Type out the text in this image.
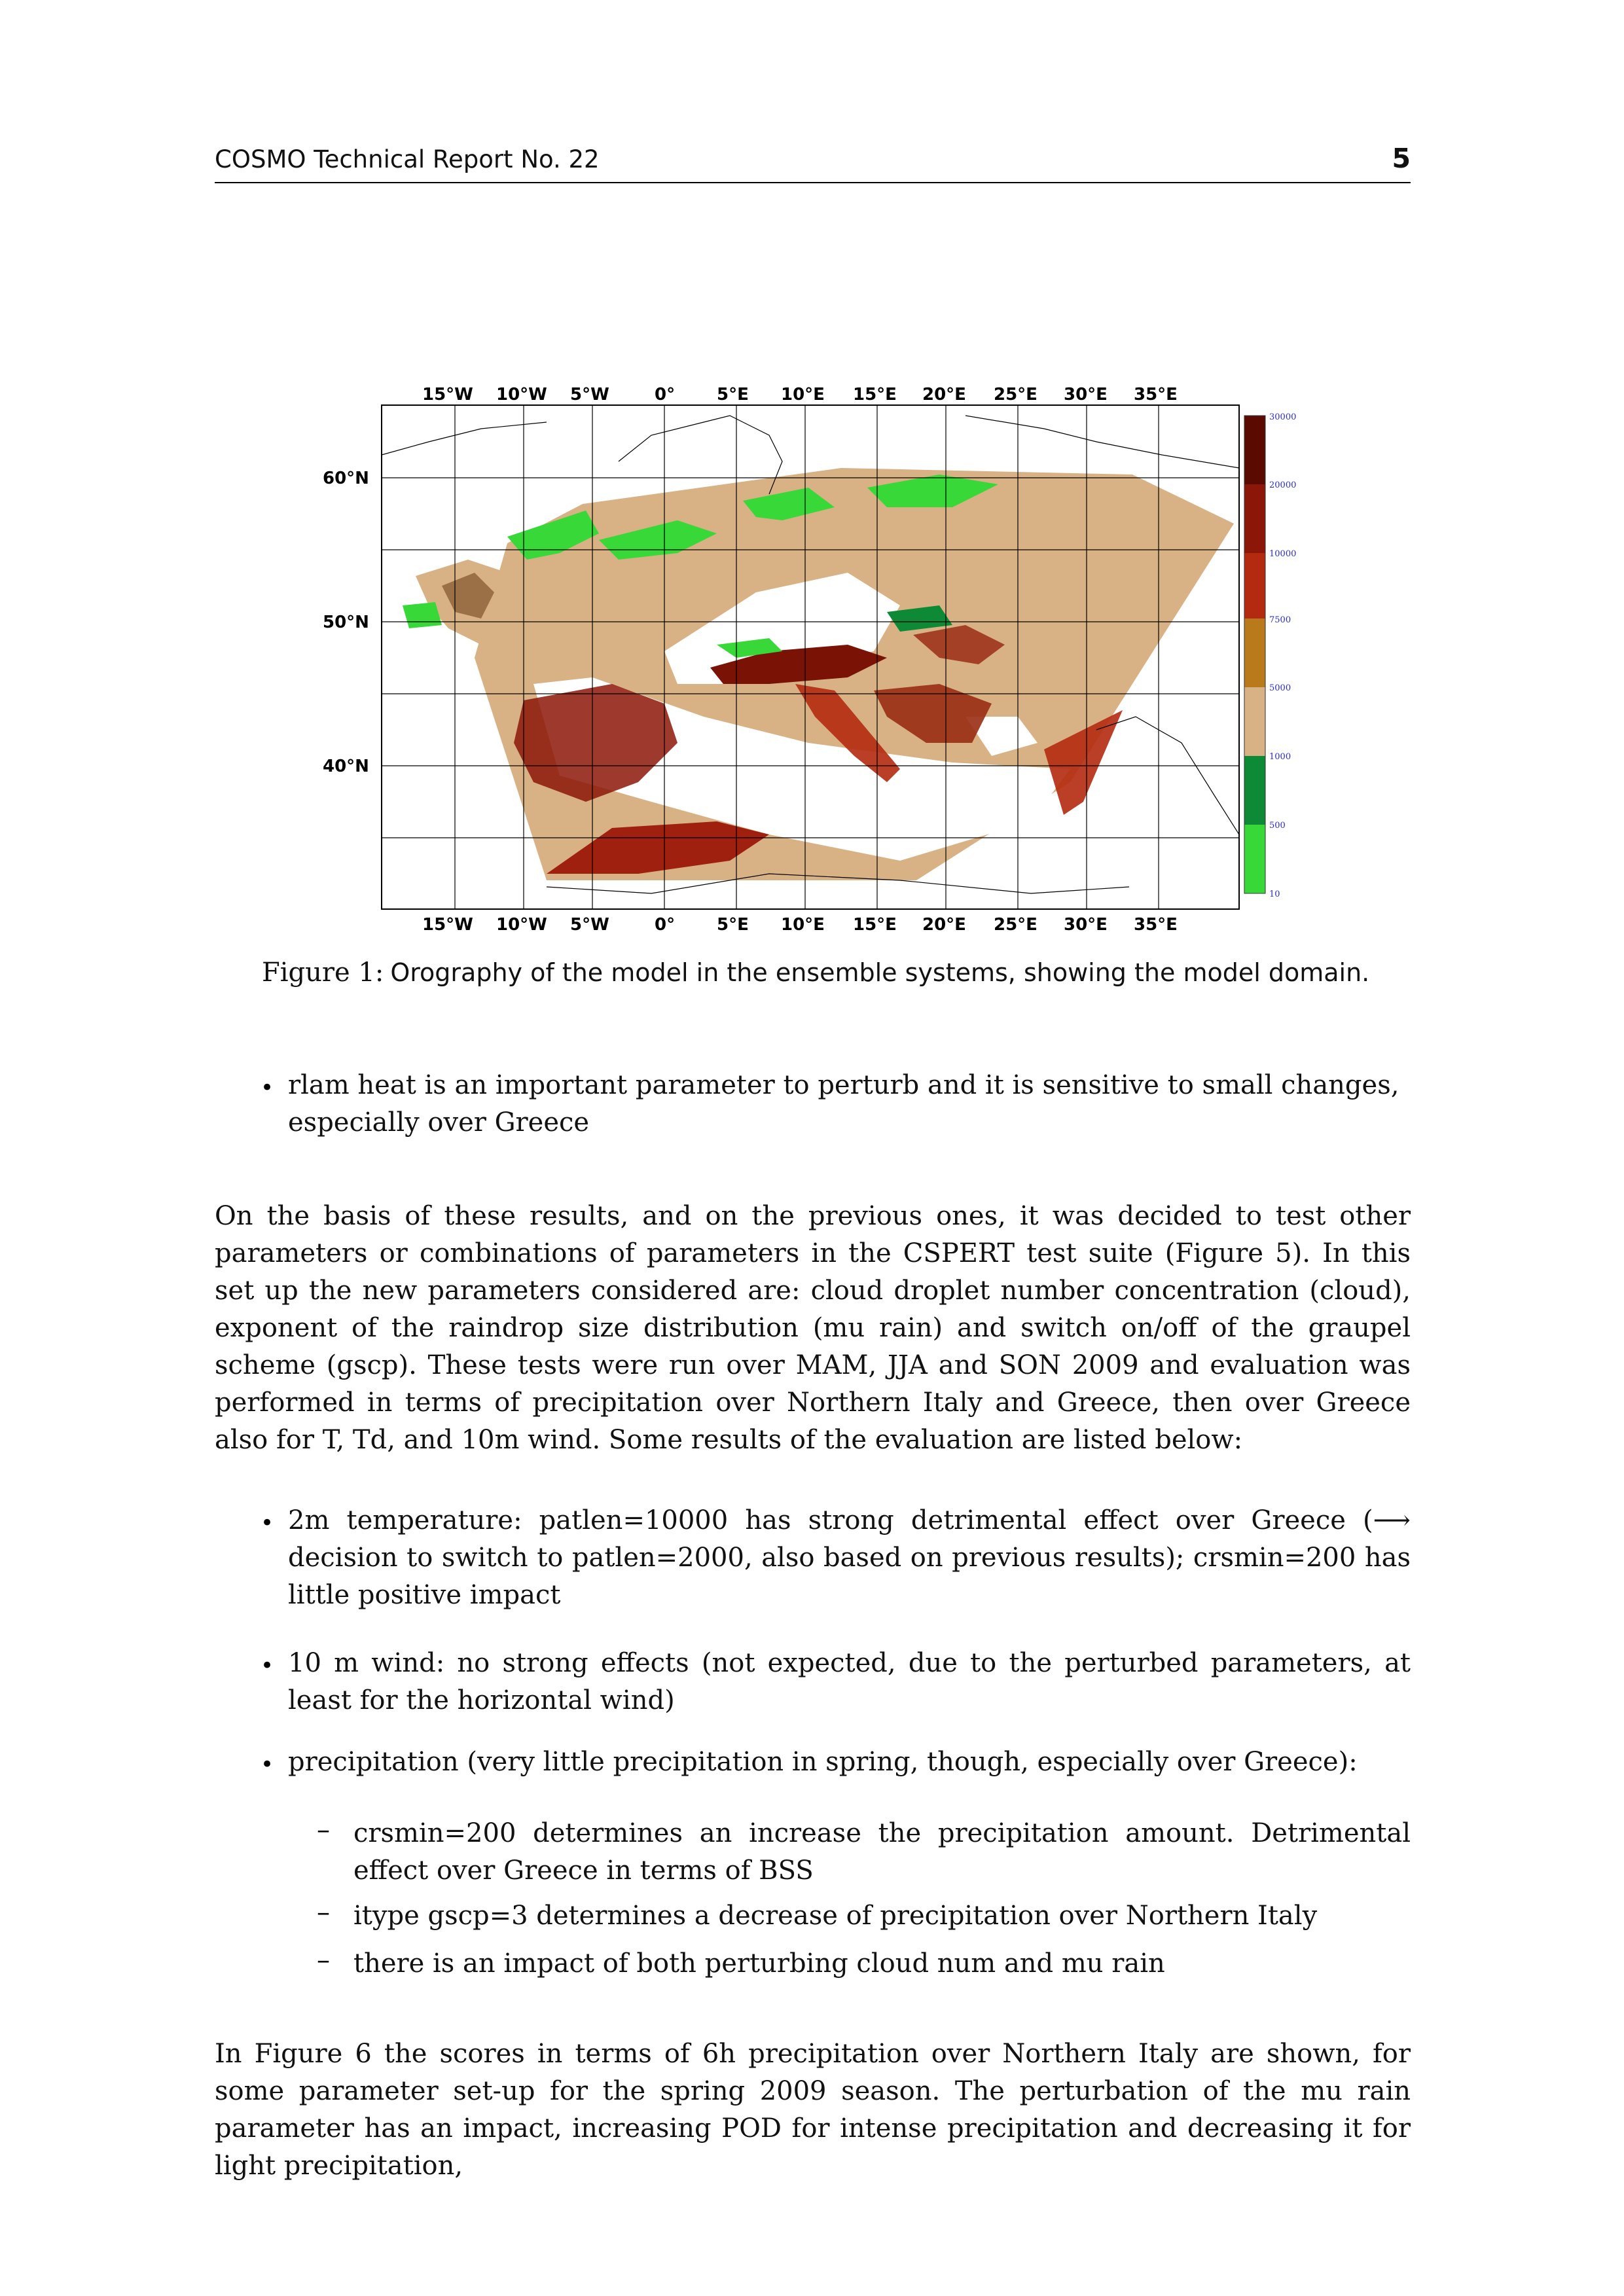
COSMO Technical Report No. 22	5
15°W 10°W 5°W	0° 5°E 10°E 15°E 20°E 25°E 30°E 35°E
15°W 10°W 5°W	0° 5°E 10°E 15°E 20°E 25°E 30°E 35°E
60°N
50°N
40°N
30000
20000
10000
7500
5000
1000
500
10
Figure 1: Orography of the model in the ensemble systems, showing the model domain.
• rlam heat is an important parameter to perturb and it is sensitive to small changes,
especially over Greece
On the basis of these results, and on the previous ones, it was decided to test other parameters or combinations of parameters in the CSPERT test suite (Figure 5). In this set up the new parameters considered are: cloud droplet number concentration (cloud), exponent of the raindrop size distribution (mu rain) and switch on/off of the graupel scheme (gscp). These tests were run over MAM, JJA and SON 2009 and evaluation was performed in terms of precipitation over Northern Italy and Greece, then over Greece also for T, Td, and 10m wind. Some results of the evaluation are listed below:
• 2m temperature: patlen=10000 has strong detrimental effect over Greece (⟶ decision to switch to patlen=2000, also based on previous results); crsmin=200 has little positive impact
• 10 m wind: no strong effects (not expected, due to the perturbed parameters, at least for the horizontal wind)
• precipitation (very little precipitation in spring, though, especially over Greece):
– crsmin=200 determines an increase the precipitation amount. Detrimental effect over Greece in terms of BSS
– itype gscp=3 determines a decrease of precipitation over Northern Italy
– there is an impact of both perturbing cloud num and mu rain
In Figure 6 the scores in terms of 6h precipitation over Northern Italy are shown, for some parameter set-up for the spring 2009 season. The perturbation of the mu rain parameter has an impact, increasing POD for intense precipitation and decreasing it for light precipitation,
